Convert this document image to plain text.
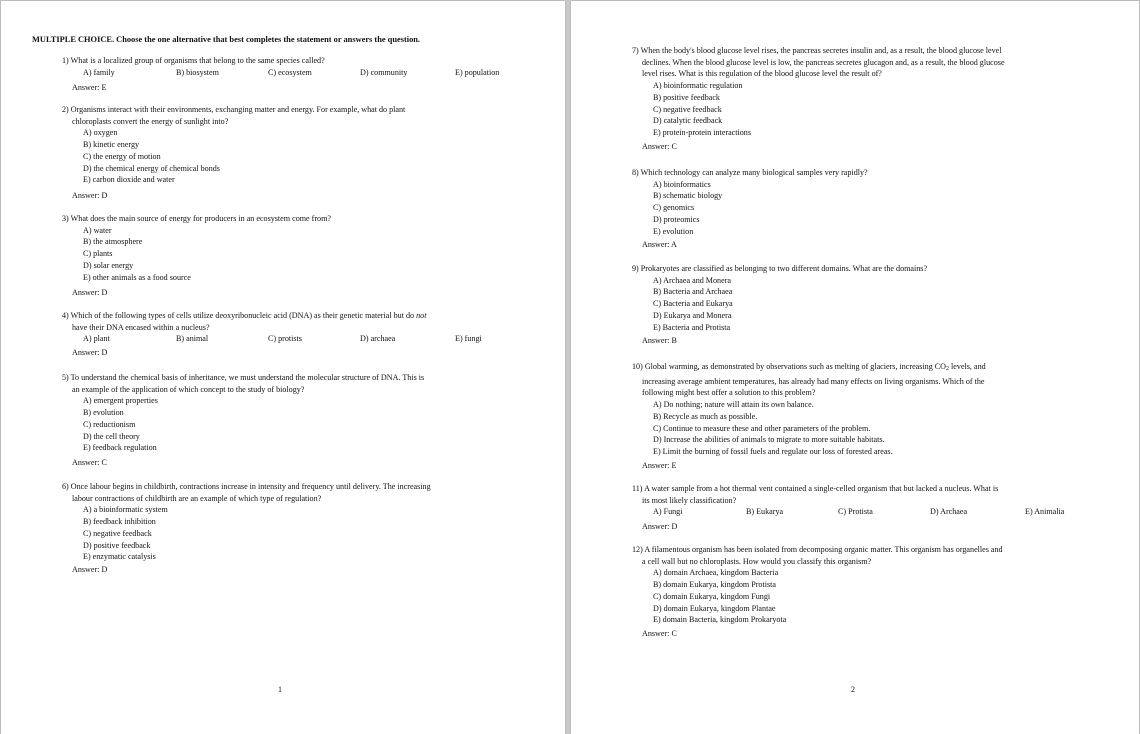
MULTIPLE CHOICE. Choose the one alternative that best completes the statement or answers the question.
1) What is a localized group of organisms that belong to the same species called?
A) family	B) biosystem	C) ecosystem	D) community	E) population
Answer: E
2) Organisms interact with their environments, exchanging matter and energy. For example, what do plant
chloroplasts convert the energy of sunlight into?
A) oxygen
B) kinetic energy
C) the energy of motion
D) the chemical energy of chemical bonds
E) carbon dioxide and water
Answer: D
3) What does the main source of energy for producers in an ecosystem come from?
A) water
B) the atmosphere
C) plants
D) solar energy
E) other animals as a food source
Answer: D
4) Which of the following types of cells utilize deoxyribonucleic acid (DNA) as their genetic material but do not
have their DNA encased within a nucleus?
A) plant	B) animal	C) protists	D) archaea	E) fungi
Answer: D
5) To understand the chemical basis of inheritance, we must understand the molecular structure of DNA. This is
an example of the application of which concept to the study of biology?
A) emergent properties
B) evolution
C) reductionism
D) the cell theory
E) feedback regulation
Answer: C
6) Once labour begins in childbirth, contractions increase in intensity and frequency until delivery. The increasing
labour contractions of childbirth are an example of which type of regulation?
A) a bioinformatic system
B) feedback inhibition
C) negative feedback
D) positive feedback
E) enzymatic catalysis
Answer: D
1
7) When the body's blood glucose level rises, the pancreas secretes insulin and, as a result, the blood glucose level
declines. When the blood glucose level is low, the pancreas secretes glucagon and, as a result, the blood glucose
level rises. What is this regulation of the blood glucose level the result of?
A) bioinformatic regulation
B) positive feedback
C) negative feedback
D) catalytic feedback
E) protein-protein interactions
Answer: C
8) Which technology can analyze many biological samples very rapidly?
A) bioinformatics
B) schematic biology
C) genomics
D) proteomics
E) evolution
Answer: A
9) Prokaryotes are classified as belonging to two different domains. What are the domains?
A) Archaea and Monera
B) Bacteria and Archaea
C) Bacteria and Eukarya
D) Eukarya and Monera
E) Bacteria and Protista
Answer: B
10) Global warming, as demonstrated by observations such as melting of glaciers, increasing $CO_2$ levels, and
increasing average ambient temperatures, has already had many effects on living organisms. Which of the
following might best offer a solution to this problem?
A) Do nothing; nature will attain its own balance.
B) Recycle as much as possible.
C) Continue to measure these and other parameters of the problem.
D) Increase the abilities of animals to migrate to more suitable habitats.
E) Limit the burning of fossil fuels and regulate our loss of forested areas.
Answer: E
11) A water sample from a hot thermal vent contained a single-celled organism that but lacked a nucleus. What is
its most likely classification?
A) Fungi	B) Eukarya	C) Protista	D) Archaea	E) Animalia
Answer: D
12) A filamentous organism has been isolated from decomposing organic matter. This organism has organelles and
a cell wall but no chloroplasts. How would you classify this organism?
A) domain Archaea, kingdom Bacteria
B) domain Eukarya, kingdom Protista
C) domain Eukarya, kingdom Fungi
D) domain Eukarya, kingdom Plantae
E) domain Bacteria, kingdom Prokaryota
Answer: C
2
